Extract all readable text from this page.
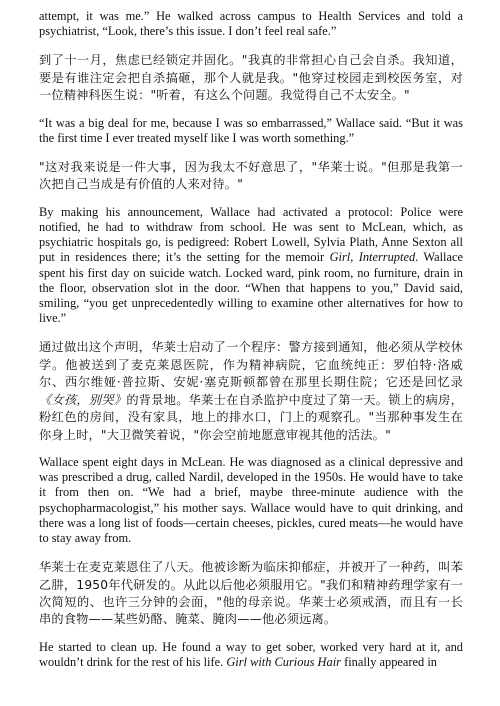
attempt, it was me.” He walked across campus to Health Services and told a psychiatrist, “Look, there’s this issue. I don’t feel real safe.”

到了十一月，焦虑已经锁定并固化。"我真的非常担心自己会自杀。我知道，要是有谁注定会把自杀搞砸，那个人就是我。"他穿过校园走到校医务室，对一位精神科医生说："听着，有这么个问题。我觉得自己不太安全。"

“It was a big deal for me, because I was so embarrassed,” Wallace said. “But it was the first time I ever treated myself like I was worth something.”

"这对我来说是一件大事，因为我太不好意思了，"华莱士说。"但那是我第一次把自己当成是有价值的人来对待。"

By making his announcement, Wallace had activated a protocol: Police were notified, he had to withdraw from school. He was sent to McLean, which, as psychiatric hospitals go, is pedigreed: Robert Lowell, Sylvia Plath, Anne Sexton all put in residences there; it’s the setting for the memoir Girl, Interrupted. Wallace spent his first day on suicide watch. Locked ward, pink room, no furniture, drain in the floor, observation slot in the door. “When that happens to you,” David said, smiling, “you get unprecedentedly willing to examine other alternatives for how to live.”

通过做出这个声明，华莱士启动了一个程序：警方接到通知，他必须从学校休学。他被送到了麦克莱恩医院，作为精神病院，它血统纯正：罗伯特·洛威尔、西尔维娅·普拉斯、安妮·塞克斯顿都曾在那里长期住院；它还是回忆录《女孩，别哭》的背景地。华莱士在自杀监护中度过了第一天。锁上的病房，粉红色的房间，没有家具，地上的排水口，门上的观察孔。"当那种事发生在你身上时，"大卫微笑着说，"你会空前地愿意审视其他的活法。"

Wallace spent eight days in McLean. He was diagnosed as a clinical depressive and was prescribed a drug, called Nardil, developed in the 1950s. He would have to take it from then on. “We had a brief, maybe three-minute audience with the psychopharmacologist,” his mother says. Wallace would have to quit drinking, and there was a long list of foods—certain cheeses, pickles, cured meats—he would have to stay away from.

华莱士在麦克莱恩住了八天。他被诊断为临床抑郁症，并被开了一种药，叫苯乙肼，1950年代研发的。从此以后他必须服用它。"我们和精神药理学家有一次简短的、也许三分钟的会面，"他的母亲说。华莱士必须戒酒，而且有一长串的食物——某些奶酪、腌菜、腌肉——他必须远离。

He started to clean up. He found a way to get sober, worked very hard at it, and wouldn’t drink for the rest of his life. Girl with Curious Hair finally appeared in
